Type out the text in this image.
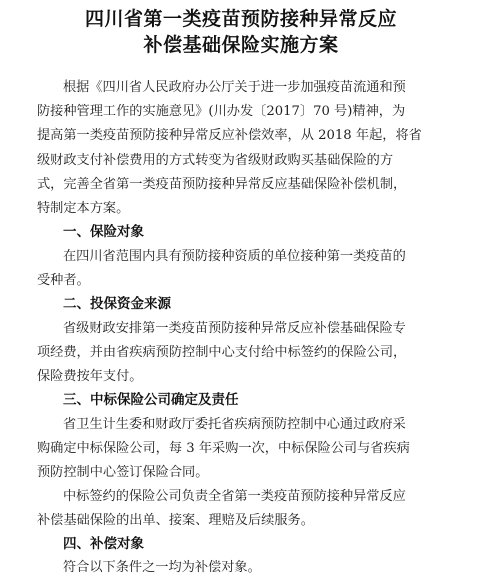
四川省第一类疫苗预防接种异常反应
补偿基础保险实施方案
根据《四川省人民政府办公厅关于进一步加强疫苗流通和预
防接种管理工作的实施意见》(川办发〔2017〕70 号)精神，为
提高第一类疫苗预防接种异常反应补偿效率，从 2018 年起，将省
级财政支付补偿费用的方式转变为省级财政购买基础保险的方
式，完善全省第一类疫苗预防接种异常反应基础保险补偿机制，
特制定本方案。
一、保险对象
在四川省范围内具有预防接种资质的单位接种第一类疫苗的
受种者。
二、投保资金来源
省级财政安排第一类疫苗预防接种异常反应补偿基础保险专
项经费，并由省疾病预防控制中心支付给中标签约的保险公司，
保险费按年支付。
三、中标保险公司确定及责任
省卫生计生委和财政厅委托省疾病预防控制中心通过政府采
购确定中标保险公司，每 3 年采购一次，中标保险公司与省疾病
预防控制中心签订保险合同。
中标签约的保险公司负责全省第一类疫苗预防接种异常反应
补偿基础保险的出单、接案、理赔及后续服务。
四、补偿对象
符合以下条件之一均为补偿对象。
